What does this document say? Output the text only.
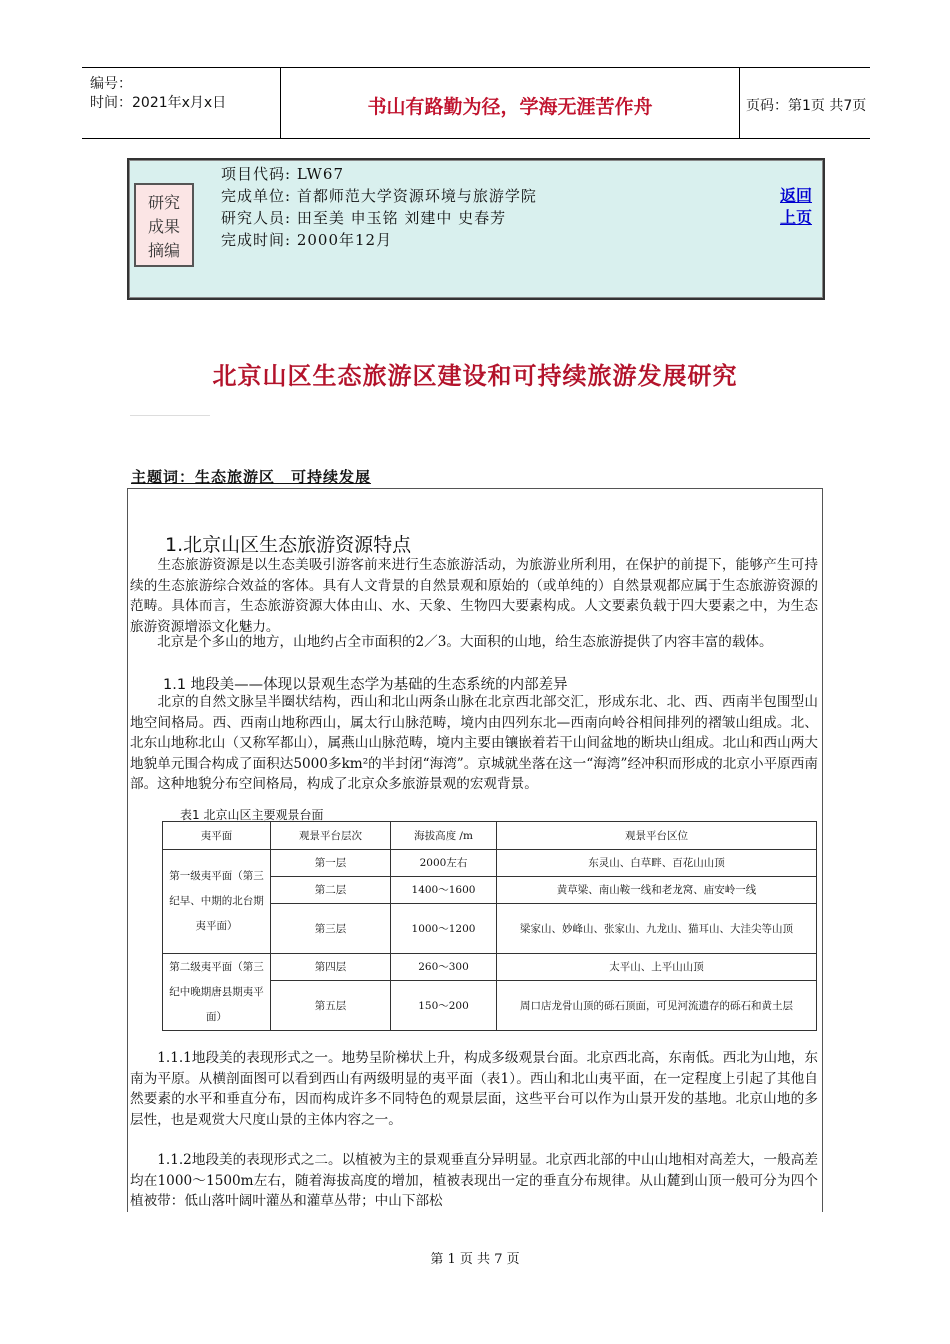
编号：
时间：2021年x月x日	书山有路勤为径，学海无涯苦作舟	页码：第1页 共7页
研究
成果
摘编
项目代码: LW67
完成单位: 首都师范大学资源环境与旅游学院
研究人员: 田至美 申玉铭 刘建中 史春芳
完成时间: 2000年12月
返回上页
北京山区生态旅游区建设和可持续旅游发展研究
主题词：生态旅游区　可持续发展
1.北京山区生态旅游资源特点
　　生态旅游资源是以生态美吸引游客前来进行生态旅游活动，为旅游业所利用，在保护的前提下，能够产生可持续的生态旅游综合效益的客体。具有人文背景的自然景观和原始的（或单纯的）自然景观都应属于生态旅游资源的范畴。具体而言，生态旅游资源大体由山、水、天象、生物四大要素构成。人文要素负载于四大要素之中，为生态旅游资源增添文化魅力。
　　北京是个多山的地方，山地约占全市面积的2／3。大面积的山地，给生态旅游提供了内容丰富的载体。
1.1 地段美——体现以景观生态学为基础的生态系统的内部差异
　　北京的自然文脉呈半圈状结构，西山和北山两条山脉在北京西北部交汇，形成东北、北、西、西南半包围型山地空间格局。西、西南山地称西山，属太行山脉范畴，境内由四列东北—西南向岭谷相间排列的褶皱山组成。北、北东山地称北山（又称军都山），属燕山山脉范畴，境内主要由镶嵌着若干山间盆地的断块山组成。北山和西山两大地貌单元围合构成了面积达5000多km²的半封闭“海湾”。京城就坐落在这一“海湾”经冲积而形成的北京小平原西南部。这种地貌分布空间格局，构成了北京众多旅游景观的宏观背景。
表1 北京山区主要观景台面
夷平面	观景平台层次	海拔高度 /m	观景平台区位
第一级夷平面（第三纪早、中期的北台期夷平面）	第一层	2000左右	东灵山、白草畔、百花山山顶
	第二层	1400～1600	黄草梁、南山鞍一线和老龙窝、庙安岭一线
	第三层	1000～1200	梁家山、妙峰山、张家山、九龙山、猫耳山、大洼尖等山顶
第二级夷平面（第三纪中晚期唐县期夷平面）	第四层	260～300	太平山、上平山山顶
	第五层	150～200	周口店龙骨山顶的砾石顶面，可见河流遗存的砾石和黄土层
　　1.1.1地段美的表现形式之一。地势呈阶梯状上升，构成多级观景台面。北京西北高，东南低。西北为山地，东南为平原。从横剖面图可以看到西山有两级明显的夷平面（表1）。西山和北山夷平面，在一定程度上引起了其他自然要素的水平和垂直分布，因而构成许多不同特色的观景层面，这些平台可以作为山景开发的基地。北京山地的多层性，也是观赏大尺度山景的主体内容之一。
　　1.1.2地段美的表现形式之二。以植被为主的景观垂直分异明显。北京西北部的中山山地相对高差大，一般高差均在1000～1500m左右，随着海拔高度的增加，植被表现出一定的垂直分布规律。从山麓到山顶一般可分为四个植被带：低山落叶阔叶灌丛和灌草丛带；中山下部松
第 1 页 共 7 页
